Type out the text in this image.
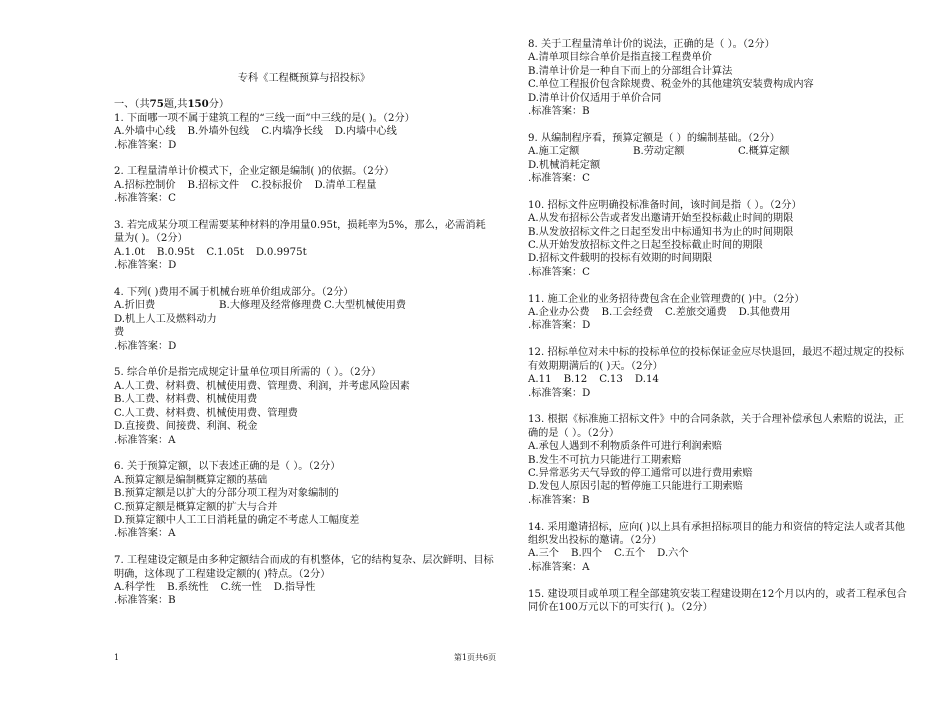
专科《工程概预算与招投标》
一、（共75题,共150分）
1. 下面哪一项不属于建筑工程的“三线一面”中三线的是( )。（2分）
A.外墙中心线 B.外墙外包线 C.内墙净长线 D.内墙中心线
.标准答案：D
2. 工程量清单计价模式下，企业定额是编制( )的依据。（2分）
A.招标控制价 B.招标文件 C.投标报价 D.清单工程量
.标准答案：C
3. 若完成某分项工程需要某种材料的净用量0.95t，损耗率为5%，那么，必需消耗量为( )。（2分）
A.1.0t B.0.95t C.1.05t D.0.9975t
.标准答案：D
4. 下列( )费用不属于机械台班单价组成部分。（2分）
A.折旧费	B.大修理及经常修理费 C.大型机械使用费
D.机上人工及燃料动力费
.标准答案：D
5. 综合单价是指完成规定计量单位项目所需的（ ）。（2分）
A.人工费、材料费、机械使用费、管理费、利润，并考虑风险因素
B.人工费、材料费、机械使用费
C.人工费、材料费、机械使用费、管理费
D.直接费、间接费、利润、税金
.标准答案：A
6. 关于预算定额，以下表述正确的是（ ）。（2分）
A.预算定额是编制概算定额的基础
B.预算定额是以扩大的分部分项工程为对象编制的
C.预算定额是概算定额的扩大与合并
D.预算定额中人工工日消耗量的确定不考虑人工幅度差
.标准答案：A
7. 工程建设定额是由多种定额结合而成的有机整体，它的结构复杂、层次鲜明、目标明确，这体现了工程建设定额的( )特点。（2分）
A.科学性 B.系统性 C.统一性 D.指导性
.标准答案：B
8. 关于工程量清单计价的说法，正确的是（ ）。（2分）
A.清单项目综合单价是指直接工程费单价
B.清单计价是一种自下而上的分部组合计算法
C.单位工程报价包含除规费、税金外的其他建筑安装费构成内容
D.清单计价仅适用于单价合同
.标准答案：B
9. 从编制程序看，预算定额是（ ）的编制基础。（2分）
A.施工定额	B.劳动定额	C.概算定额
D.机械消耗定额
.标准答案：C
10. 招标文件应明确投标准备时间，该时间是指（ ）。（2分）
A.从发布招标公告或者发出邀请开始至投标截止时间的期限
B.从发放招标文件之日起至发出中标通知书为止的时间期限
C.从开始发放招标文件之日起至投标截止时间的期限
D.招标文件载明的投标有效期的时间期限
.标准答案：C
11. 施工企业的业务招待费包含在企业管理费的( )中。（2分）
A.企业办公费 B.工会经费 C.差旅交通费 D.其他费用
.标准答案：D
12. 招标单位对未中标的投标单位的投标保证金应尽快退回，最迟不超过规定的投标有效期期满后的( )天。（2分）
A.11 B.12 C.13 D.14
.标准答案：D
13. 根据《标准施工招标文件》中的合同条款，关于合理补偿承包人索赔的说法，正确的是（ ）。（2分）
A.承包人遇到不利物质条件可进行利润索赔
B.发生不可抗力只能进行工期索赔
C.异常恶劣天气导致的停工通常可以进行费用索赔
D.发包人原因引起的暂停施工只能进行工期索赔
.标准答案：B
14. 采用邀请招标，应向( )以上具有承担招标项目的能力和资信的特定法人或者其他组织发出投标的邀请。（2分）
A.三个 B.四个 C.五个 D.六个
.标准答案：A
15. 建设项目或单项工程全部建筑安装工程建设期在12个月以内的，或者工程承包合同价在100万元以下的可实行( )。（2分）
1	第1页共6页
